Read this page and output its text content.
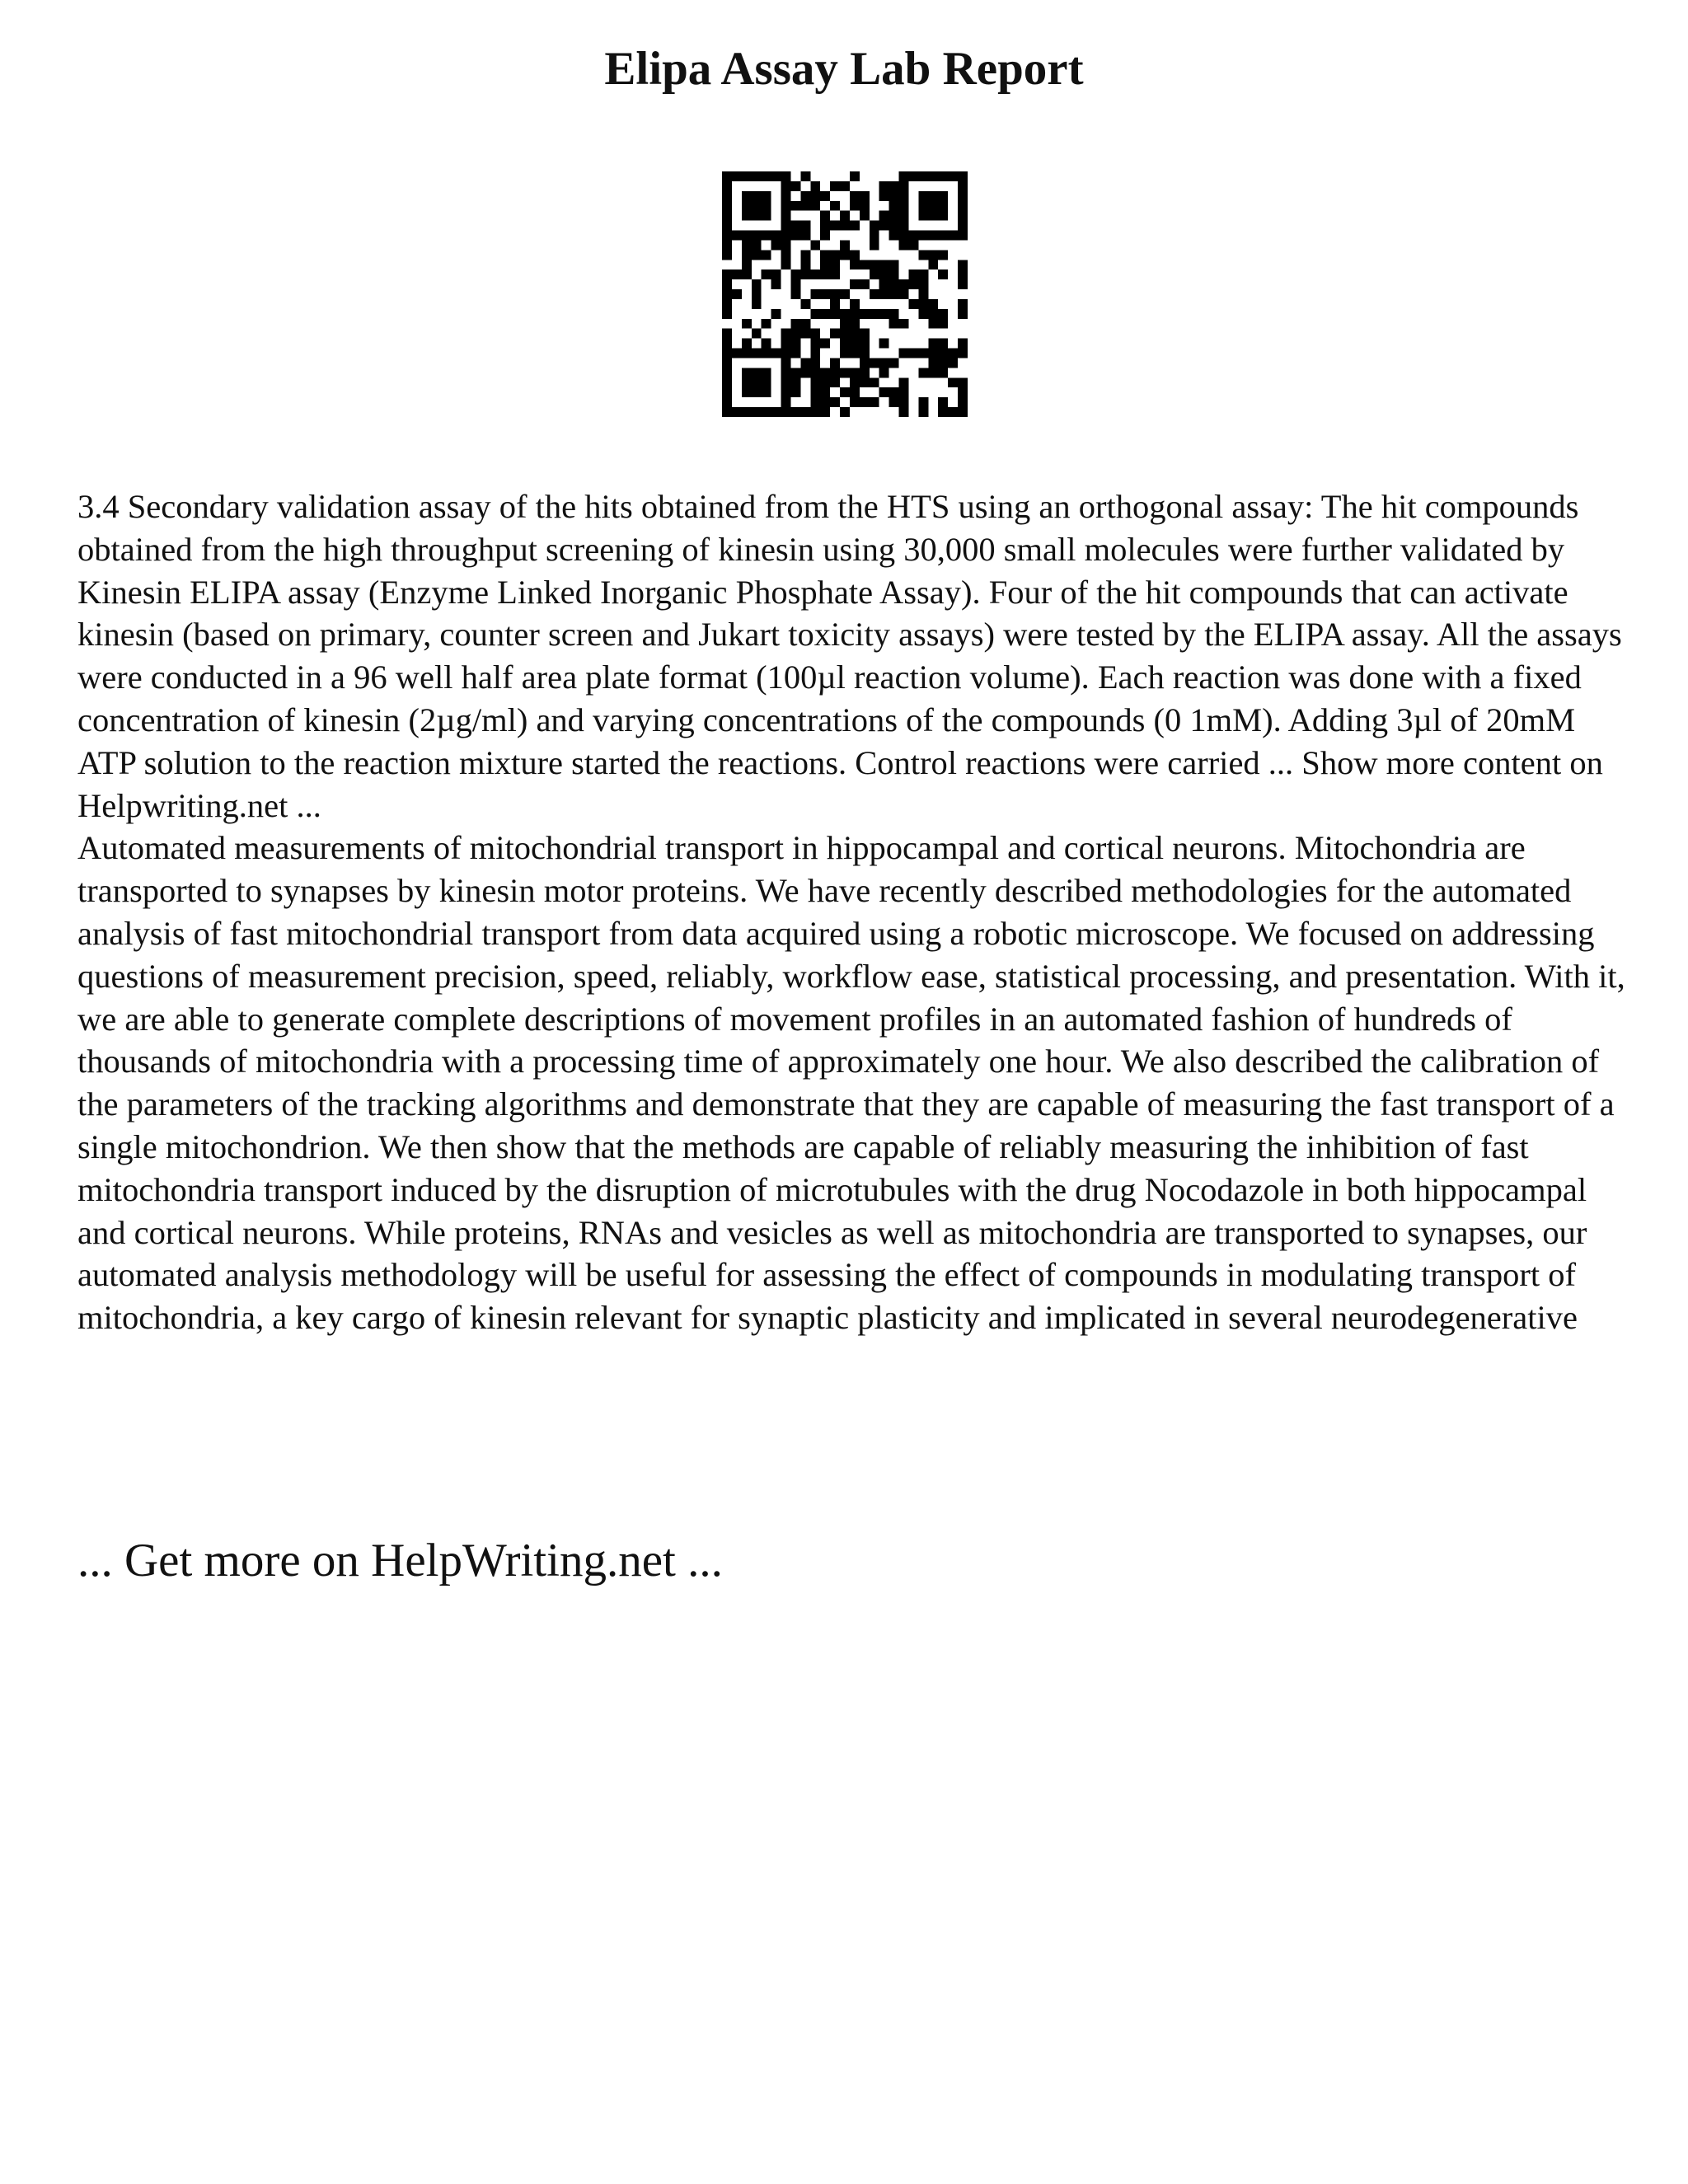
Elipa Assay Lab Report

3.4 Secondary validation assay of the hits obtained from the HTS using an orthogonal assay: The hit compounds obtained from the high throughput screening of kinesin using 30,000 small molecules were further validated by Kinesin ELIPA assay (Enzyme Linked Inorganic Phosphate Assay). Four of the hit compounds that can activate kinesin (based on primary, counter screen and Jukart toxicity assays) were tested by the ELIPA assay. All the assays were conducted in a 96 well half area plate format (100µl reaction volume). Each reaction was done with a fixed concentration of kinesin (2µg/ml) and varying concentrations of the compounds (0 1mM). Adding 3µl of 20mM ATP solution to the reaction mixture started the reactions. Control reactions were carried ... Show more content on Helpwriting.net ...

Automated measurements of mitochondrial transport in hippocampal and cortical neurons. Mitochondria are transported to synapses by kinesin motor proteins. We have recently described methodologies for the automated analysis of fast mitochondrial transport from data acquired using a robotic microscope. We focused on addressing questions of measurement precision, speed, reliably, workflow ease, statistical processing, and presentation. With it, we are able to generate complete descriptions of movement profiles in an automated fashion of hundreds of thousands of mitochondria with a processing time of approximately one hour. We also described the calibration of the parameters of the tracking algorithms and demonstrate that they are capable of measuring the fast transport of a single mitochondrion. We then show that the methods are capable of reliably measuring the inhibition of fast mitochondria transport induced by the disruption of microtubules with the drug Nocodazole in both hippocampal and cortical neurons. While proteins, RNAs and vesicles as well as mitochondria are transported to synapses, our automated analysis methodology will be useful for assessing the effect of compounds in modulating transport of mitochondria, a key cargo of kinesin relevant for synaptic plasticity and implicated in several neurodegenerative

... Get more on HelpWriting.net ...
